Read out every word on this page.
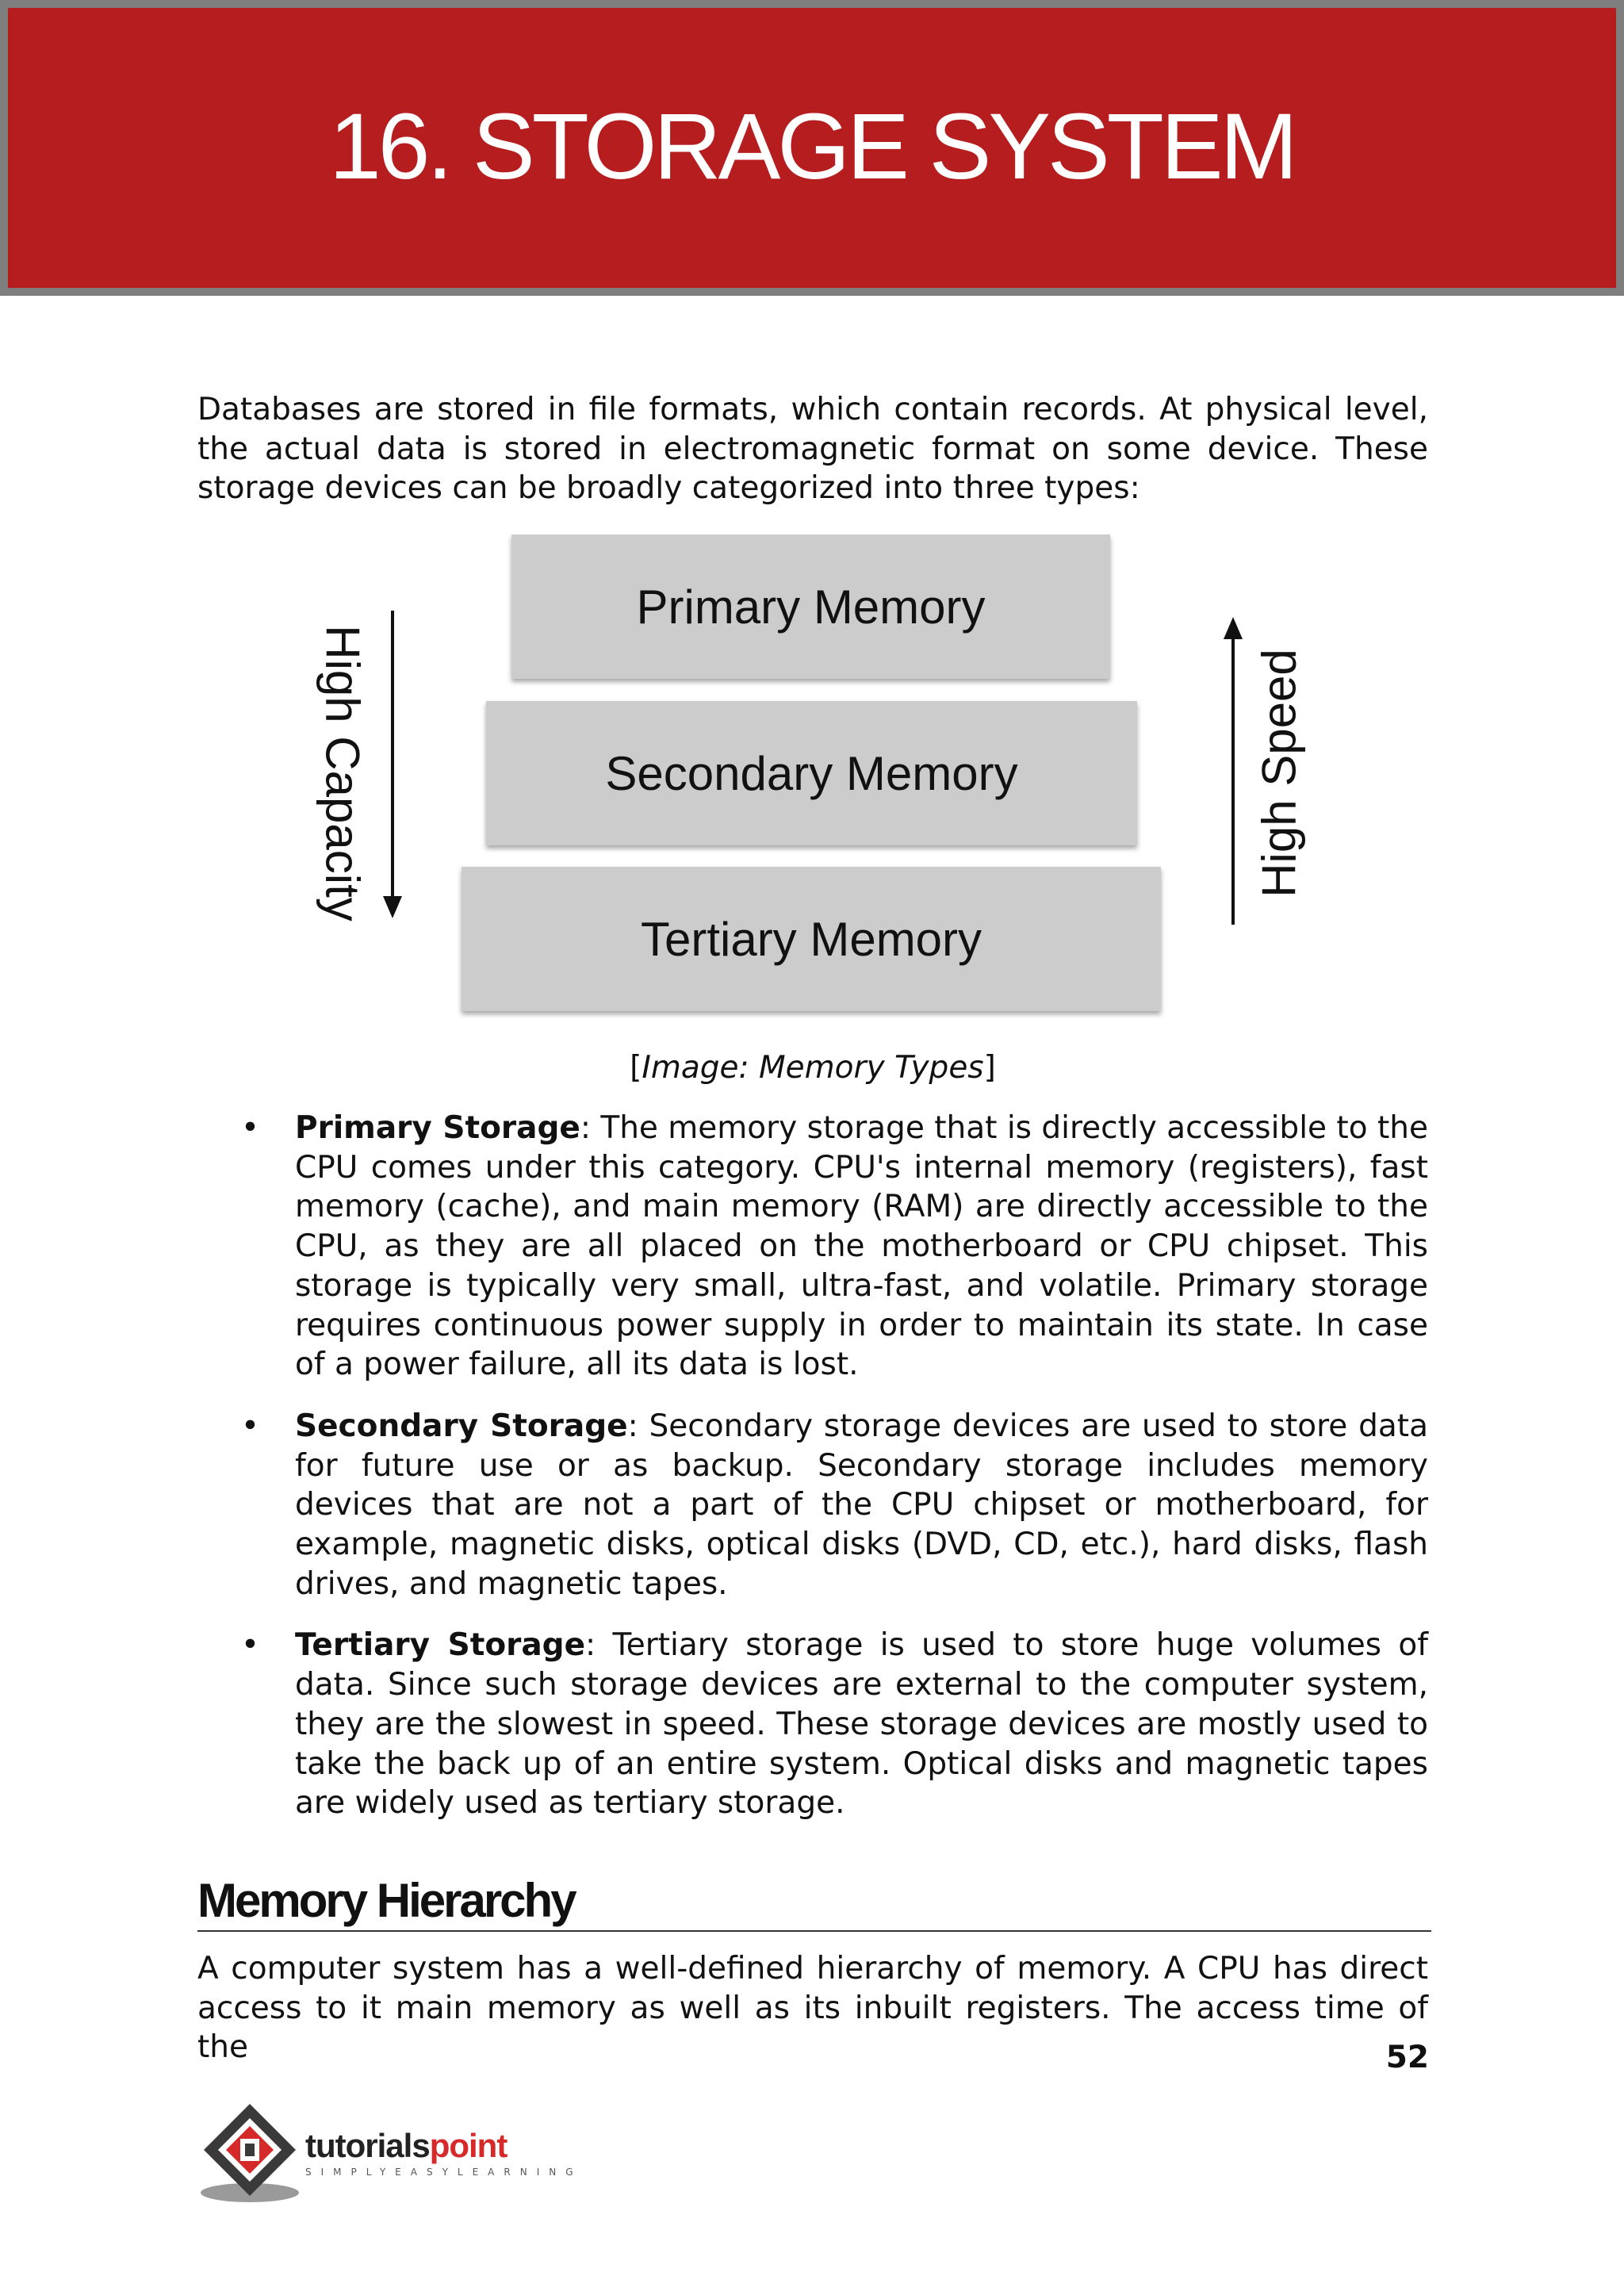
16. STORAGE SYSTEM
Databases are stored in file formats, which contain records. At physical level, the actual data is stored in electromagnetic format on some device. These storage devices can be broadly categorized into three types:
Primary Memory
Secondary Memory
Tertiary Memory
High Capacity	High Speed
[Image: Memory Types]
• Primary Storage: The memory storage that is directly accessible to the CPU comes under this category. CPU's internal memory (registers), fast memory (cache), and main memory (RAM) are directly accessible to the CPU, as they are all placed on the motherboard or CPU chipset. This storage is typically very small, ultra-fast, and volatile. Primary storage requires continuous power supply in order to maintain its state. In case of a power failure, all its data is lost.
• Secondary Storage: Secondary storage devices are used to store data for future use or as backup. Secondary storage includes memory devices that are not a part of the CPU chipset or motherboard, for example, magnetic disks, optical disks (DVD, CD, etc.), hard disks, flash drives, and magnetic tapes.
• Tertiary Storage: Tertiary storage is used to store huge volumes of data. Since such storage devices are external to the computer system, they are the slowest in speed. These storage devices are mostly used to take the back up of an entire system. Optical disks and magnetic tapes are widely used as tertiary storage.
Memory Hierarchy
A computer system has a well-defined hierarchy of memory. A CPU has direct access to it main memory as well as its inbuilt registers. The access time of the	52
tutorialspoint
SIMPLYEASYLEARNING
